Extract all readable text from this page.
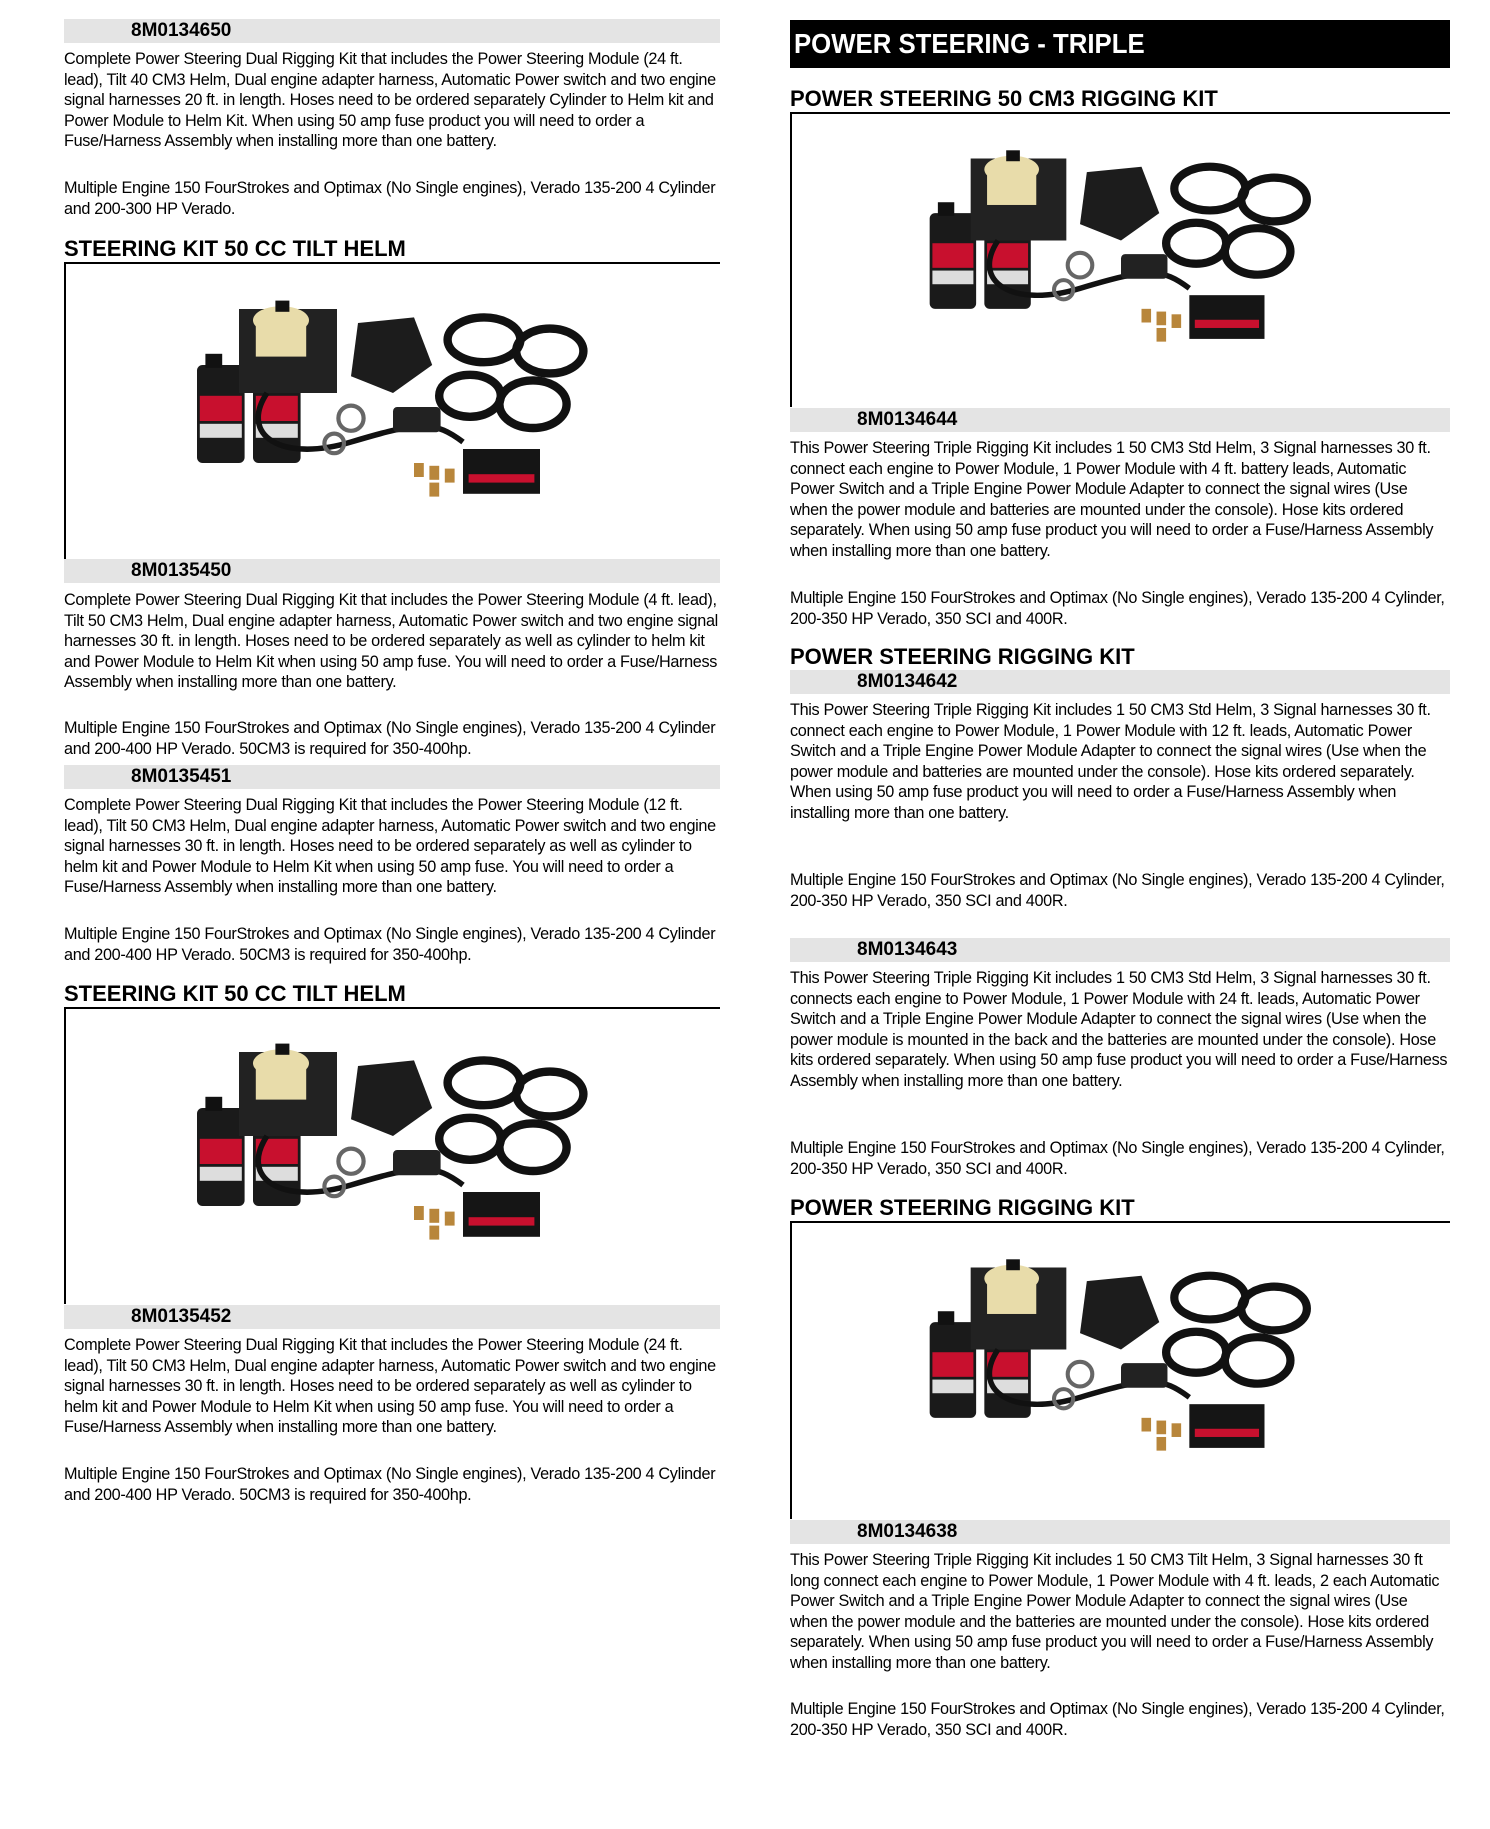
8M0134650
Complete Power Steering Dual Rigging Kit that includes the Power Steering Module (24 ft. lead), Tilt 40 CM3 Helm, Dual engine adapter harness, Automatic Power switch and two engine signal harnesses 20 ft. in length. Hoses need to be ordered separately Cylinder to Helm kit and Power Module to Helm Kit. When using 50 amp fuse product you will need to order a Fuse/Harness Assembly when installing more than one battery.
Multiple Engine 150 FourStrokes and Optimax (No Single engines), Verado 135-200 4 Cylinder and 200-300 HP Verado.
STEERING KIT 50 CC TILT HELM
8M0135450
Complete Power Steering Dual Rigging Kit that includes the Power Steering Module (4 ft. lead), Tilt 50 CM3 Helm, Dual engine adapter harness, Automatic Power switch and two engine signal harnesses 30 ft. in length. Hoses need to be ordered separately as well as cylinder to helm kit and Power Module to Helm Kit when using 50 amp fuse. You will need to order a Fuse/Harness Assembly when installing more than one battery.
Multiple Engine 150 FourStrokes and Optimax (No Single engines), Verado 135-200 4 Cylinder and 200-400 HP Verado. 50CM3 is required for 350-400hp.
8M0135451
Complete Power Steering Dual Rigging Kit that includes the Power Steering Module (12 ft. lead), Tilt 50 CM3 Helm, Dual engine adapter harness, Automatic Power switch and two engine signal harnesses 30 ft. in length. Hoses need to be ordered separately as well as cylinder to helm kit and Power Module to Helm Kit when using 50 amp fuse. You will need to order a Fuse/Harness Assembly when installing more than one battery.
Multiple Engine 150 FourStrokes and Optimax (No Single engines), Verado 135-200 4 Cylinder and 200-400 HP Verado. 50CM3 is required for 350-400hp.
STEERING KIT 50 CC TILT HELM
8M0135452
Complete Power Steering Dual Rigging Kit that includes the Power Steering Module (24 ft. lead), Tilt 50 CM3 Helm, Dual engine adapter harness, Automatic Power switch and two engine signal harnesses 30 ft. in length. Hoses need to be ordered separately as well as cylinder to helm kit and Power Module to Helm Kit when using 50 amp fuse. You will need to order a Fuse/Harness Assembly when installing more than one battery.
Multiple Engine 150 FourStrokes and Optimax (No Single engines), Verado 135-200 4 Cylinder and 200-400 HP Verado. 50CM3 is required for 350-400hp.
POWER STEERING - TRIPLE
POWER STEERING 50 CM3 RIGGING KIT
8M0134644
This Power Steering Triple Rigging Kit includes 1 50 CM3 Std Helm, 3 Signal harnesses 30 ft. connect each engine to Power Module, 1 Power Module with 4 ft. battery leads, Automatic Power Switch and a Triple Engine Power Module Adapter to connect the signal wires (Use when the power module and batteries are mounted under the console). Hose kits ordered separately. When using 50 amp fuse product you will need to order a Fuse/Harness Assembly when installing more than one battery.
Multiple Engine 150 FourStrokes and Optimax (No Single engines), Verado 135-200 4 Cylinder, 200-350 HP Verado, 350 SCI and 400R.
POWER STEERING RIGGING KIT
8M0134642
This Power Steering Triple Rigging Kit includes 1 50 CM3 Std Helm, 3 Signal harnesses 30 ft. connect each engine to Power Module, 1 Power Module with 12 ft. leads, Automatic Power Switch and a Triple Engine Power Module Adapter to connect the signal wires (Use when the power module and batteries are mounted under the console). Hose kits ordered separately. When using 50 amp fuse product you will need to order a Fuse/Harness Assembly when installing more than one battery.
Multiple Engine 150 FourStrokes and Optimax (No Single engines), Verado 135-200 4 Cylinder, 200-350 HP Verado, 350 SCI and 400R.
8M0134643
This Power Steering Triple Rigging Kit includes 1 50 CM3 Std Helm, 3 Signal harnesses 30 ft. connects each engine to Power Module, 1 Power Module with 24 ft. leads, Automatic Power Switch and a Triple Engine Power Module Adapter to connect the signal wires (Use when the power module is mounted in the back and the batteries are mounted under the console). Hose kits ordered separately. When using 50 amp fuse product you will need to order a Fuse/Harness Assembly when installing more than one battery.
Multiple Engine 150 FourStrokes and Optimax (No Single engines), Verado 135-200 4 Cylinder, 200-350 HP Verado, 350 SCI and 400R.
POWER STEERING RIGGING KIT
8M0134638
This Power Steering Triple Rigging Kit includes 1 50 CM3 Tilt Helm, 3 Signal harnesses 30 ft long connect each engine to Power Module, 1 Power Module with 4 ft. leads, 2 each Automatic Power Switch and a Triple Engine Power Module Adapter to connect the signal wires (Use when the power module and the batteries are mounted under the console). Hose kits ordered separately. When using 50 amp fuse product you will need to order a Fuse/Harness Assembly when installing more than one battery.
Multiple Engine 150 FourStrokes and Optimax (No Single engines), Verado 135-200 4 Cylinder, 200-350 HP Verado, 350 SCI and 400R.
